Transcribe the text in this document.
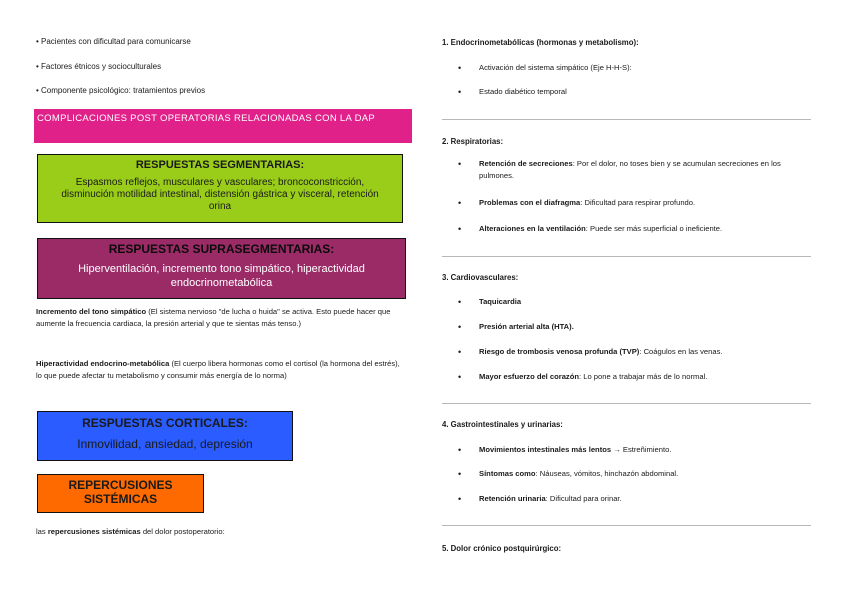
• Pacientes con dificultad para comunicarse
• Factores étnicos y socioculturales
• Componente psicológico: tratamientos previos
COMPLICACIONES POST OPERATORIAS RELACIONADAS CON LA DAP
RESPUESTAS SEGMENTARIAS:
Espasmos reflejos, musculares y vasculares; broncoconstricción, disminución motilidad intestinal, distensión gástrica y visceral, retención orina
RESPUESTAS SUPRASEGMENTARIAS:
Hiperventilación, incremento tono simpático, hiperactividad endocrinometabólica
Incremento del tono simpático (El sistema nervioso "de lucha o huida" se activa. Esto puede hacer que aumente la frecuencia cardiaca, la presión arterial y que te sientas más tenso.)
Hiperactividad endocrino-metabólica (El cuerpo libera hormonas como el cortisol (la hormona del estrés), lo que puede afectar tu metabolismo y consumir más energía de lo norma)
RESPUESTAS CORTICALES:
Inmovilidad, ansiedad, depresión
REPERCUSIONES SISTÉMICAS
las repercusiones sistémicas del dolor postoperatorio:
1. Endocrinometabólicas (hormonas y metabolismo):
• Activación del sistema simpático (Eje H-H-S):
• Estado diabético temporal
2. Respiratorias:
• Retención de secreciones: Por el dolor, no toses bien y se acumulan secreciones en los pulmones.
• Problemas con el diafragma: Dificultad para respirar profundo.
• Alteraciones en la ventilación: Puede ser más superficial o ineficiente.
3. Cardiovasculares:
• Taquicardia
• Presión arterial alta (HTA).
• Riesgo de trombosis venosa profunda (TVP): Coágulos en las venas.
• Mayor esfuerzo del corazón: Lo pone a trabajar más de lo normal.
4. Gastrointestinales y urinarias:
• Movimientos intestinales más lentos → Estreñimiento.
• Síntomas como: Náuseas, vómitos, hinchazón abdominal.
• Retención urinaria: Dificultad para orinar.
5. Dolor crónico postquirúrgico:
